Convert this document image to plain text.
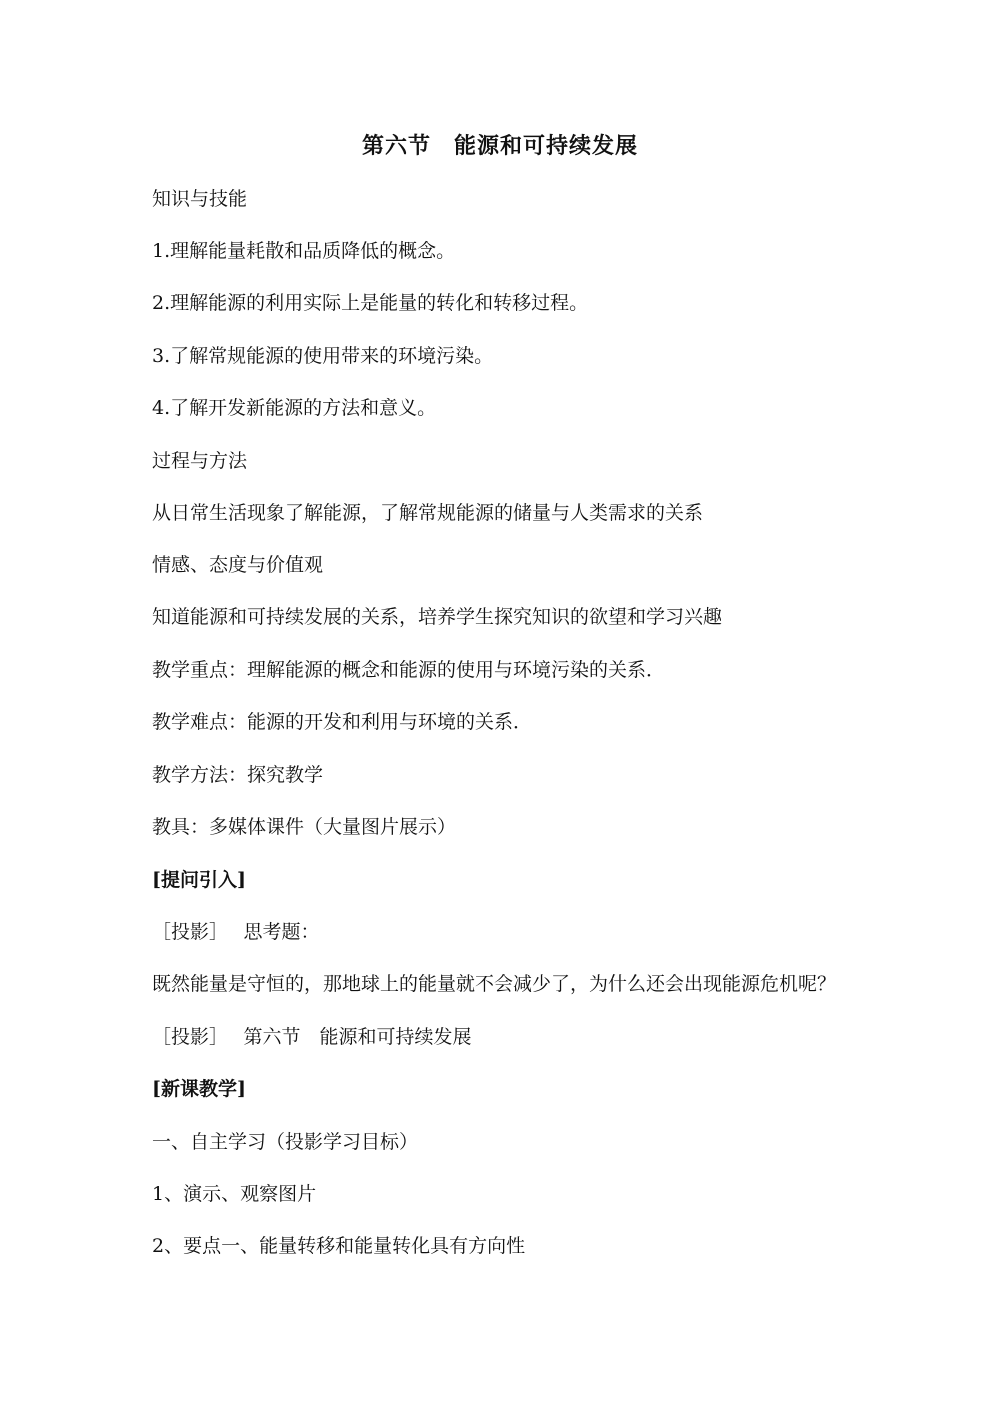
第六节　能源和可持续发展
知识与技能
1.理解能量耗散和品质降低的概念。
2.理解能源的利用实际上是能量的转化和转移过程。
3.了解常规能源的使用带来的环境污染。
4.了解开发新能源的方法和意义。
过程与方法
从日常生活现象了解能源，了解常规能源的储量与人类需求的关系
情感、态度与价值观
知道能源和可持续发展的关系，培养学生探究知识的欲望和学习兴趣
教学重点：理解能源的概念和能源的使用与环境污染的关系．
教学难点：能源的开发和利用与环境的关系．
教学方法：探究教学
教具：多媒体课件（大量图片展示）
[提问引入]
［投影］　 思考题：
既然能量是守恒的，那地球上的能量就不会减少了，为什么还会出现能源危机呢？
［投影］　 第六节　能源和可持续发展
[新课教学]
一、自主学习（投影学习目标）
1、演示、观察图片
2、要点一、能量转移和能量转化具有方向性
